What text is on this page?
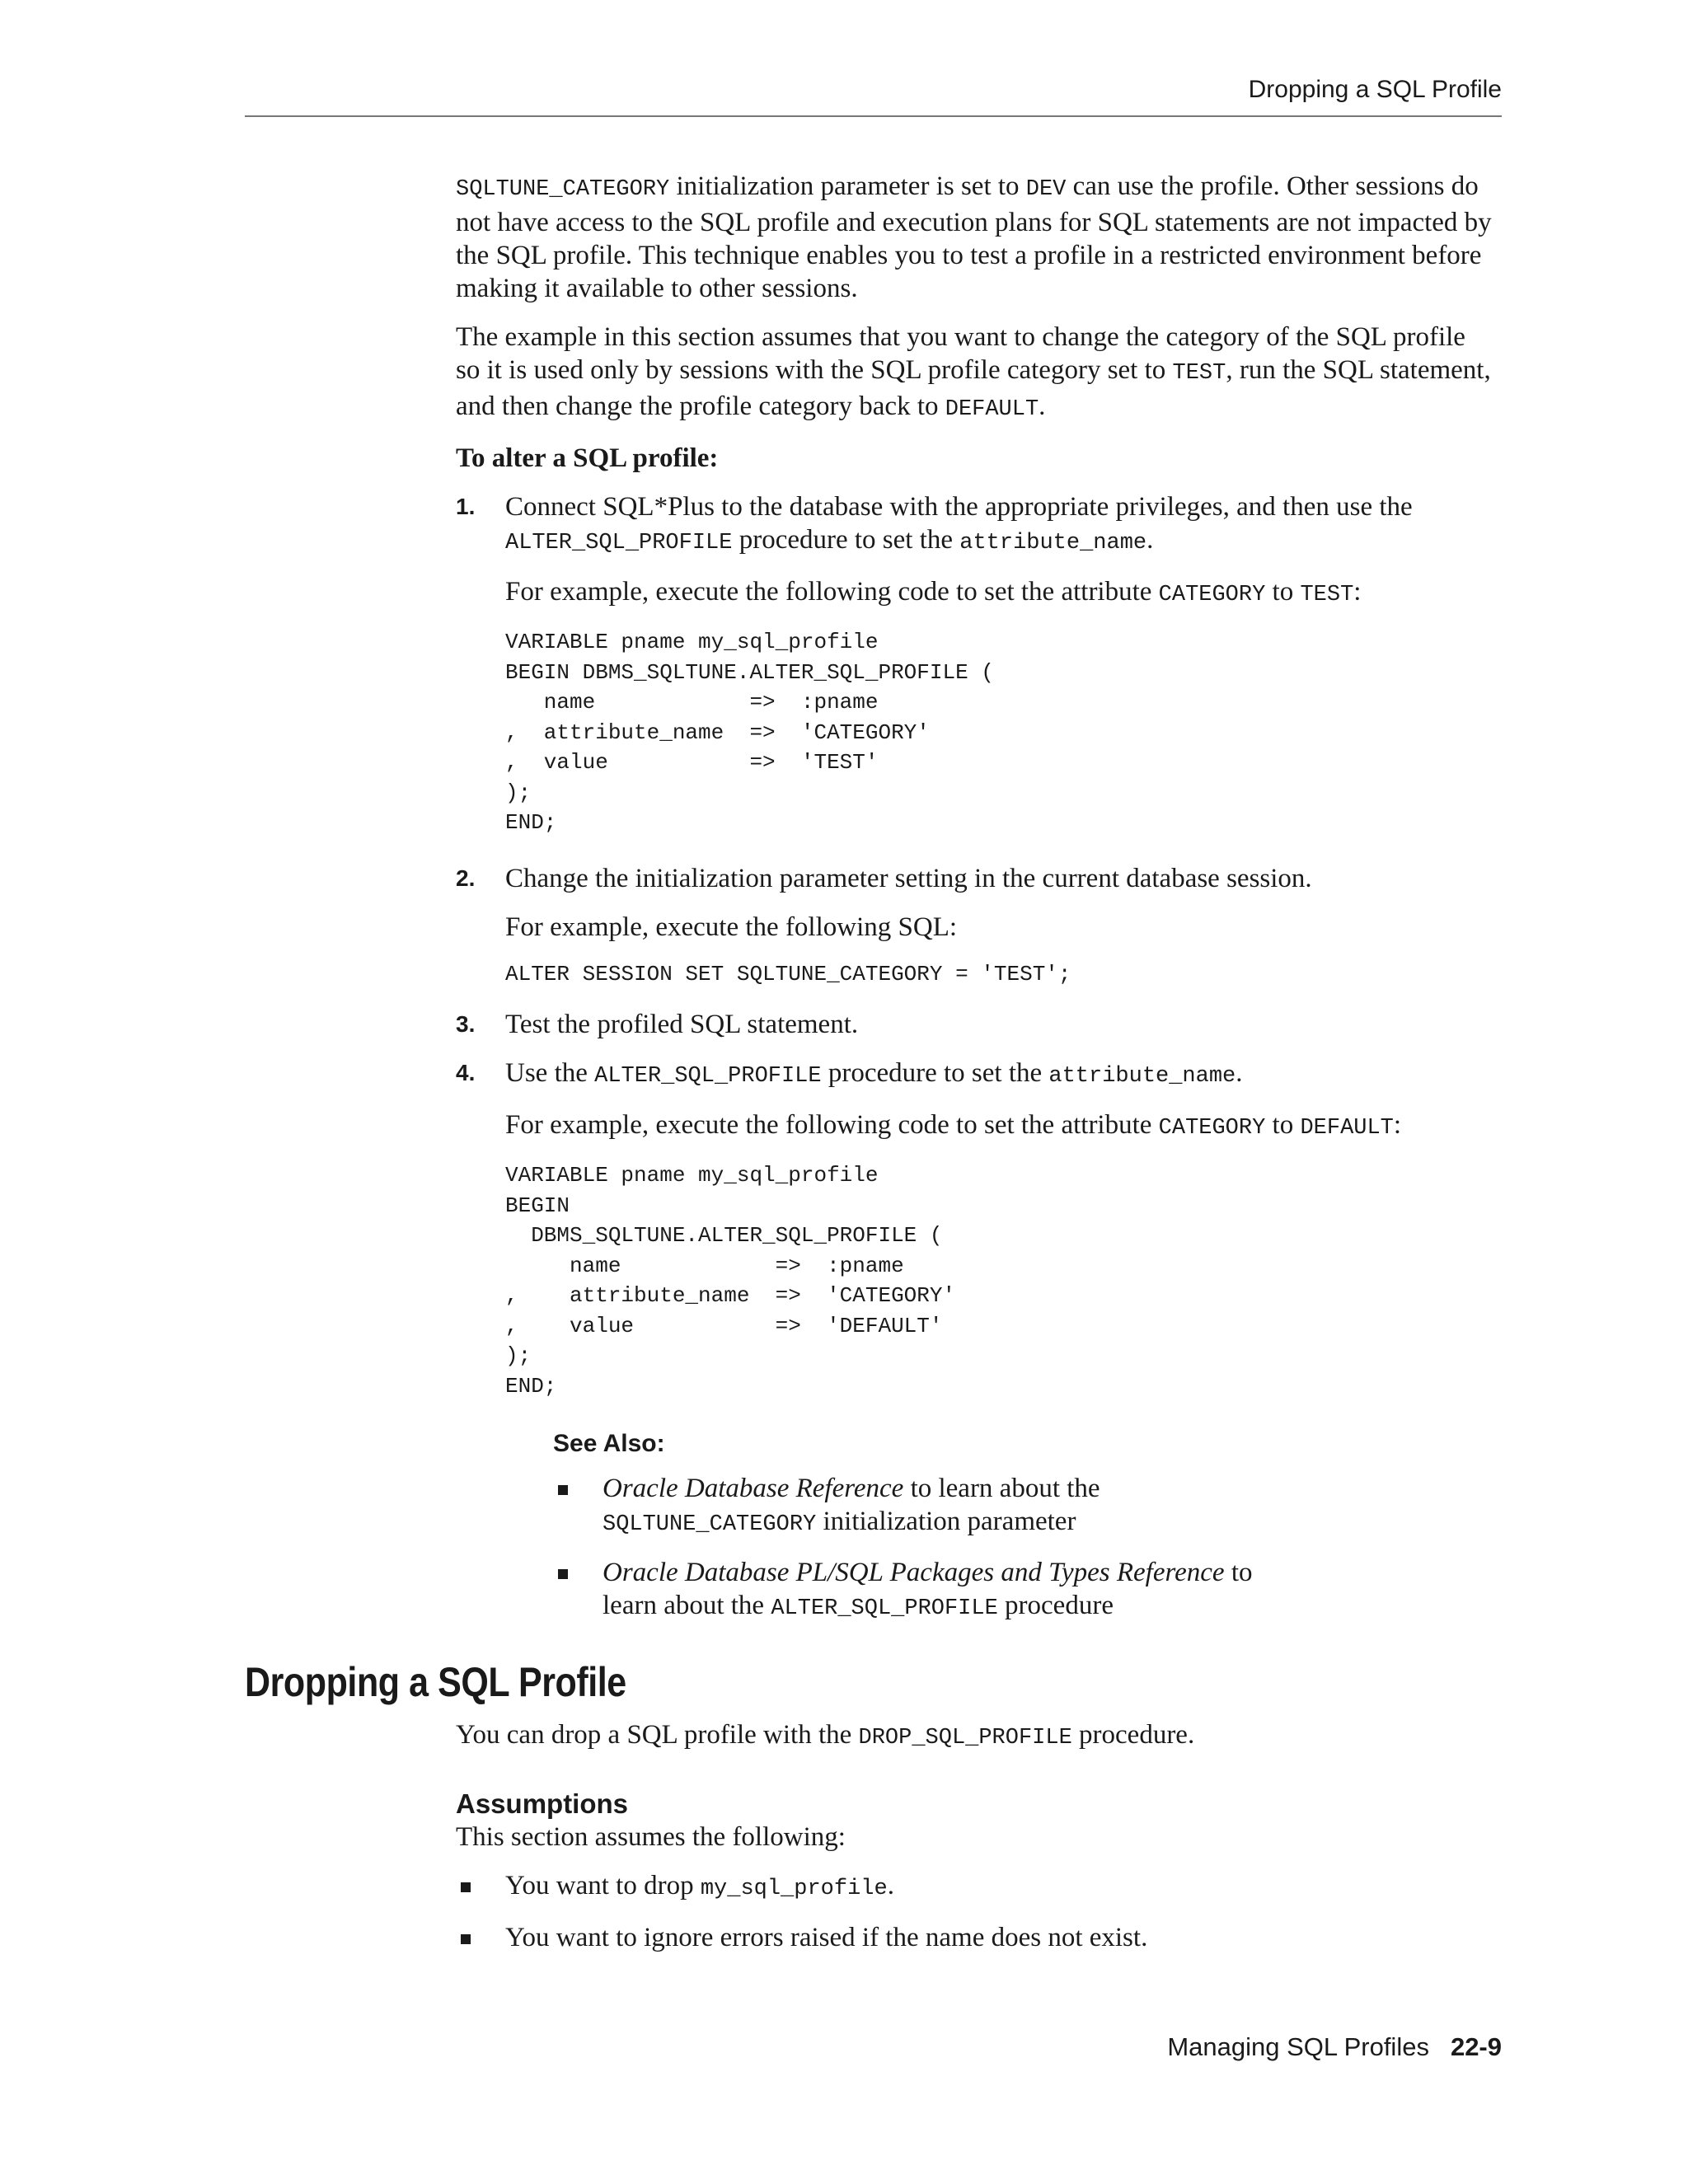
Dropping a SQL Profile

SQLTUNE_CATEGORY initialization parameter is set to DEV can use the profile. Other sessions do not have access to the SQL profile and execution plans for SQL statements are not impacted by the SQL profile. This technique enables you to test a profile in a restricted environment before making it available to other sessions.

The example in this section assumes that you want to change the category of the SQL profile so it is used only by sessions with the SQL profile category set to TEST, run the SQL statement, and then change the profile category back to DEFAULT.

To alter a SQL profile:
1. Connect SQL*Plus to the database with the appropriate privileges, and then use the ALTER_SQL_PROFILE procedure to set the attribute_name.

For example, execute the following code to set the attribute CATEGORY to TEST:

VARIABLE pname my_sql_profile
BEGIN DBMS_SQLTUNE.ALTER_SQL_PROFILE (
name            =>  :pname
,  attribute_name  =>  'CATEGORY'
,  value           =>  'TEST'
);
END;
2. Change the initialization parameter setting in the current database session.

For example, execute the following SQL:

ALTER SESSION SET SQLTUNE_CATEGORY = 'TEST';
3. Test the profiled SQL statement.

4. Use the ALTER_SQL_PROFILE procedure to set the attribute_name.

For example, execute the following code to set the attribute CATEGORY to DEFAULT:

VARIABLE pname my_sql_profile
BEGIN
DBMS_SQLTUNE.ALTER_SQL_PROFILE (
name            =>  :pname
,    attribute_name  =>  'CATEGORY'
,    value           =>  'DEFAULT'
);
END;
See Also:
Oracle Database Reference to learn about the SQLTUNE_CATEGORY initialization parameter
Oracle Database PL/SQL Packages and Types Reference to learn about the ALTER_SQL_PROFILE procedure
Dropping a SQL Profile

You can drop a SQL profile with the DROP_SQL_PROFILE procedure.

Assumptions

This section assumes the following:

You want to drop my_sql_profile.
You want to ignore errors raised if the name does not exist.
Managing SQL Profiles 22-9
